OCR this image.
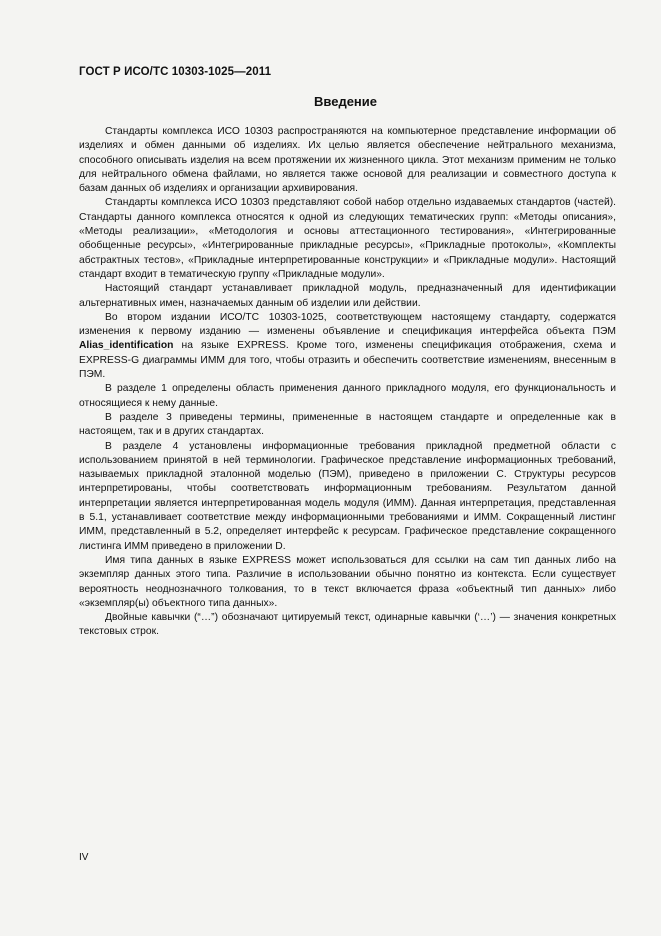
ГОСТ Р ИСО/ТС 10303-1025—2011
Введение

Стандарты комплекса ИСО 10303 распространяются на компьютерное представление информации об изделиях и обмен данными об изделиях. Их целью является обеспечение нейтрального механизма, способного описывать изделия на всем протяжении их жизненного цикла. Этот механизм применим не только для нейтрального обмена файлами, но является также основой для реализации и совместного доступа к базам данных об изделиях и организации архивирования.

Стандарты комплекса ИСО 10303 представляют собой набор отдельно издаваемых стандартов (частей). Стандарты данного комплекса относятся к одной из следующих тематических групп: «Методы описания», «Методы реализации», «Методология и основы аттестационного тестирования», «Интегрированные обобщенные ресурсы», «Интегрированные прикладные ресурсы», «Прикладные протоколы», «Комплекты абстрактных тестов», «Прикладные интерпретированные конструкции» и «Прикладные модули». Настоящий стандарт входит в тематическую группу «Прикладные модули».

Настоящий стандарт устанавливает прикладной модуль, предназначенный для идентификации альтернативных имен, назначаемых данным об изделии или действии.

Во втором издании ИСО/ТС 10303-1025, соответствующем настоящему стандарту, содержатся изменения к первому изданию — изменены объявление и спецификация интерфейса объекта ПЭМ Alias_identification на языке EXPRESS. Кроме того, изменены спецификация отображения, схема и EXPRESS-G диаграммы ИММ для того, чтобы отразить и обеспечить соответствие изменениям, внесенным в ПЭМ.

В разделе 1 определены область применения данного прикладного модуля, его функциональность и относящиеся к нему данные.

В разделе 3 приведены термины, примененные в настоящем стандарте и определенные как в настоящем, так и в других стандартах.

В разделе 4 установлены информационные требования прикладной предметной области с использованием принятой в ней терминологии. Графическое представление информационных требований, называемых прикладной эталонной моделью (ПЭМ), приведено в приложении С. Структуры ресурсов интерпретированы, чтобы соответствовать информационным требованиям. Результатом данной интерпретации является интерпретированная модель модуля (ИММ). Данная интерпретация, представленная в 5.1, устанавливает соответствие между информационными требованиями и ИММ. Сокращенный листинг ИММ, представленный в 5.2, определяет интерфейс к ресурсам. Графическое представление сокращенного листинга ИММ приведено в приложении D.

Имя типа данных в языке EXPRESS может использоваться для ссылки на сам тип данных либо на экземпляр данных этого типа. Различие в использовании обычно понятно из контекста. Если существует вероятность неоднозначного толкования, то в текст включается фраза «объектный тип данных» либо «экземпляр(ы) объектного типа данных».

Двойные кавычки (“…”) обозначают цитируемый текст, одинарные кавычки (‘…’) — значения конкретных текстовых строк.

IV
